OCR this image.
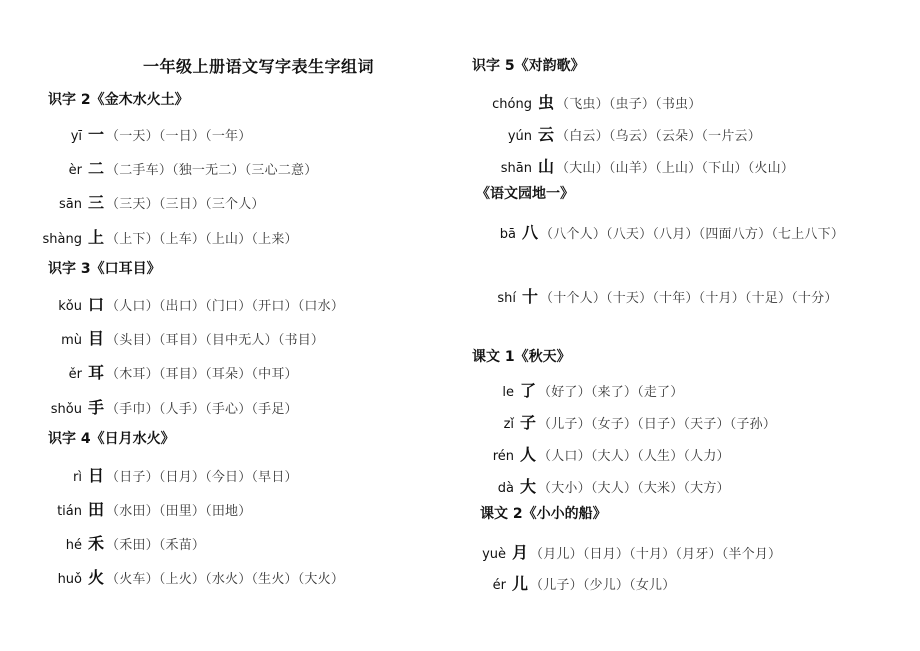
一年级上册语文写字表生字组词
识字 2《金木水火土》
yī 一 （一天）（一日）（一年）
èr 二 （二手车）（独一无二）（三心二意）
sān 三 （三天）（三日）（三个人）
shàng 上 （上下）（上车）（上山）（上来）
识字 3《口耳目》
kǒu 口 （人口）（出口）（门口）（开口）（口水）
mù 目 （头目）（耳目）（目中无人）（书目）
ěr 耳 （木耳）（耳目）（耳朵）（中耳）
shǒu 手 （手巾）（人手）（手心）（手足）
识字 4《日月水火》
rì 日 （日子）（日月）（今日）（早日）
tián 田 （水田）（田里）（田地）
hé 禾 （禾田）（禾苗）
huǒ 火 （火车）（上火）（水火）（生火）（大火）
识字 5《对韵歌》
chóng 虫 （飞虫）（虫子）（书虫）
yún 云 （白云）（乌云）（云朵）（一片云）
shān 山 （大山）（山羊）（上山）（下山）（火山）
《语文园地一》
bā 八 （八个人）（八天）（八月）（四面八方）（七上八下）
shí 十 （十个人）（十天）（十年）（十月）（十足）（十分）
课文 1《秋天》
le 了 （好了）（来了）（走了）
zǐ 子 （儿子）（女子）（日子）（天子）（子孙）
rén 人 （人口）（大人）（人生）（人力）
dà 大 （大小）（大人）（大米）（大方）
课文 2《小小的船》
yuè 月 （月儿）（日月）（十月）（月牙）（半个月）
ér 儿 （儿子）（少儿）（女儿）
